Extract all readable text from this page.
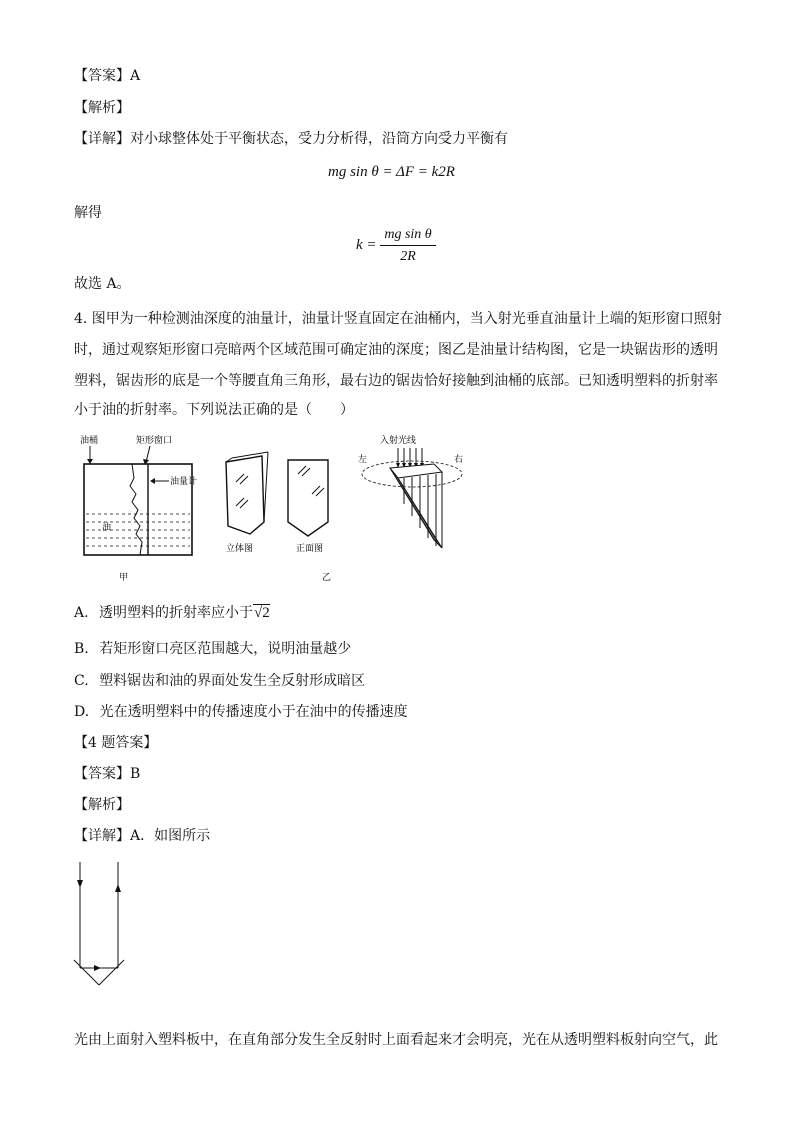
【答案】A
【解析】
【详解】对小球整体处于平衡状态，受力分析得，沿筒方向受力平衡有
mg sin θ = ΔF = k2R
解得
$k = \frac{\text{mg sin θ}}{2R}$
故选 A。
4. 图甲为一种检测油深度的油量计，油量计竖直固定在油桶内，当入射光垂直油量计上端的矩形窗口照射
时，通过观察矩形窗口亮暗两个区域范围可确定油的深度；图乙是油量计结构图，它是一块锯齿形的透明
塑料，锯齿形的底是一个等腰直角三角形，最右边的锯齿恰好接触到油桶的底部。已知透明塑料的折射率
小于油的折射率。下列说法正确的是（　　）
油桶	矩形窗口
油
油量计
甲
立体图	正面图
乙
入射光线
左	右
A. 透明塑料的折射率应小于√2
B. 若矩形窗口亮区范围越大，说明油量越少
C. 塑料锯齿和油的界面处发生全反射形成暗区
D. 光在透明塑料中的传播速度小于在油中的传播速度
【4 题答案】
【答案】B
【解析】
【详解】A．如图所示
光由上面射入塑料板中，在直角部分发生全反射时上面看起来才会明亮，光在从透明塑料板射向空气，此
